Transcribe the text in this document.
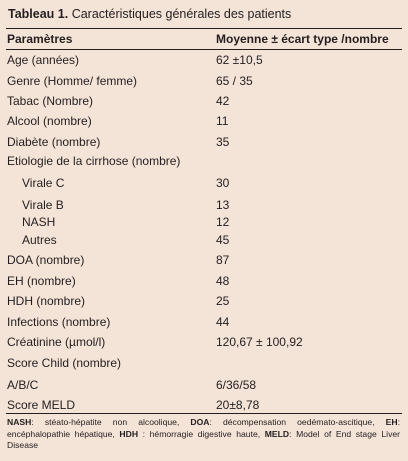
Tableau 1. Caractéristiques générales des patients
Paramètres	Moyenne ± écart type /nombre
Age (années)	62 ±10,5
Genre (Homme/ femme)	65 / 35
Tabac (Nombre)	42
Alcool (nombre)	11
Diabète (nombre)	35
Etiologie de la cirrhose (nombre)
Virale C	30
Virale B	13
NASH	12
Autres	45
DOA (nombre)	87
EH (nombre)	48
HDH (nombre)	25
Infections (nombre)	44
Créatinine (µmol/l)	120,67 ± 100,92
Score Child (nombre)
A/B/C	6/36/58
Score MELD	20±8,78
NASH: stéato-hépatite non alcoolique, DOA: décompensation oedémato-ascitique, EH: encéphalopathie hépatique, HDH : hémorragie digestive haute, MELD: Model of End stage Liver Disease
